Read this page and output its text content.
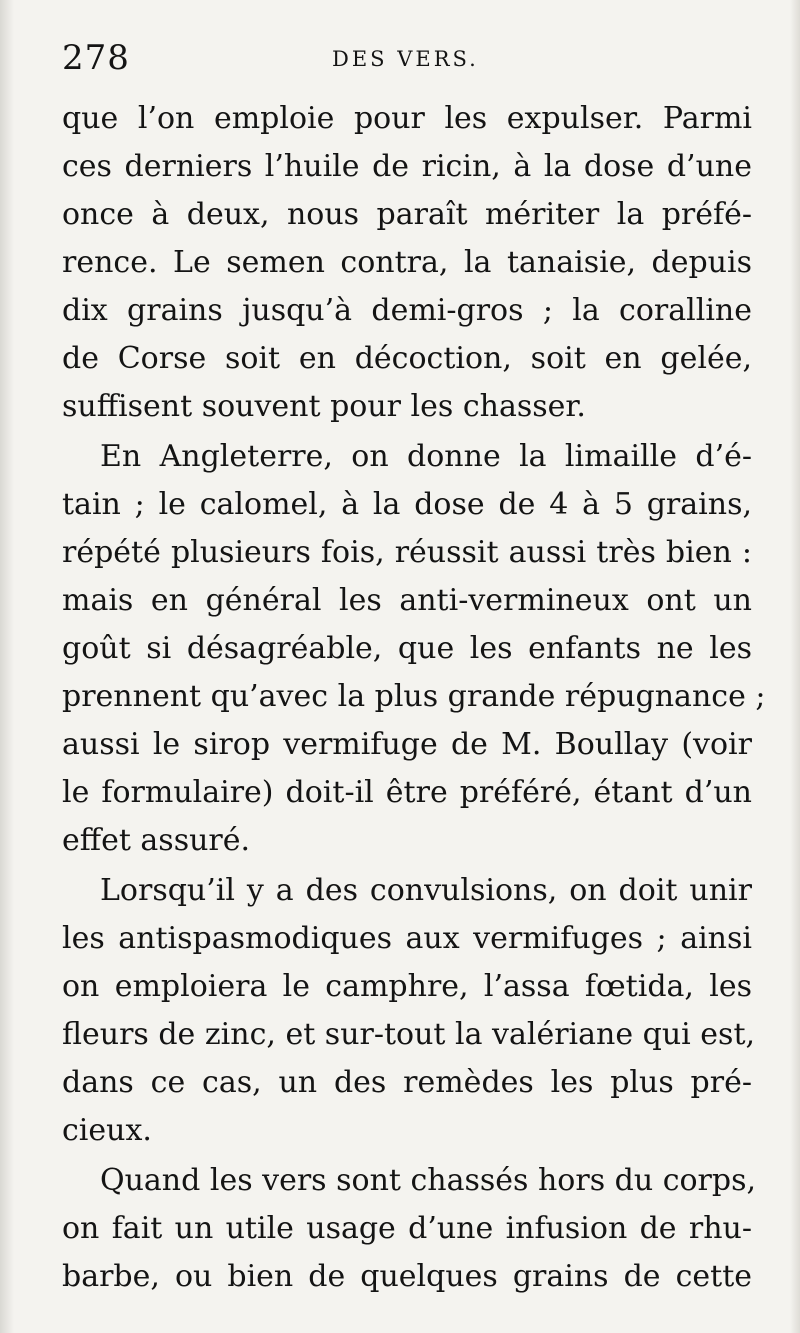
278	DES VERS.
que l’on emploie pour les expulser. Parmi
ces derniers l’huile de ricin, à la dose d’une
once à deux, nous paraît mériter la préfé-
rence. Le semen contra, la tanaisie, depuis
dix grains jusqu’à demi-gros ; la coralline
de Corse soit en décoction, soit en gelée,
suffisent souvent pour les chasser.
En Angleterre, on donne la limaille d’é-
tain ; le calomel, à la dose de 4 à 5 grains,
répété plusieurs fois, réussit aussi très bien :
mais en général les anti-vermineux ont un
goût si désagréable, que les enfants ne les
prennent qu’avec la plus grande répugnance ;
aussi le sirop vermifuge de M. Boullay (voir
le formulaire) doit-il être préféré, étant d’un
effet assuré.
Lorsqu’il y a des convulsions, on doit unir
les antispasmodiques aux vermifuges ; ainsi
on emploiera le camphre, l’assa fœtida, les
fleurs de zinc, et sur-tout la valériane qui est,
dans ce cas, un des remèdes les plus pré-
cieux.
Quand les vers sont chassés hors du corps,
on fait un utile usage d’une infusion de rhu-
barbe, ou bien de quelques grains de cette
